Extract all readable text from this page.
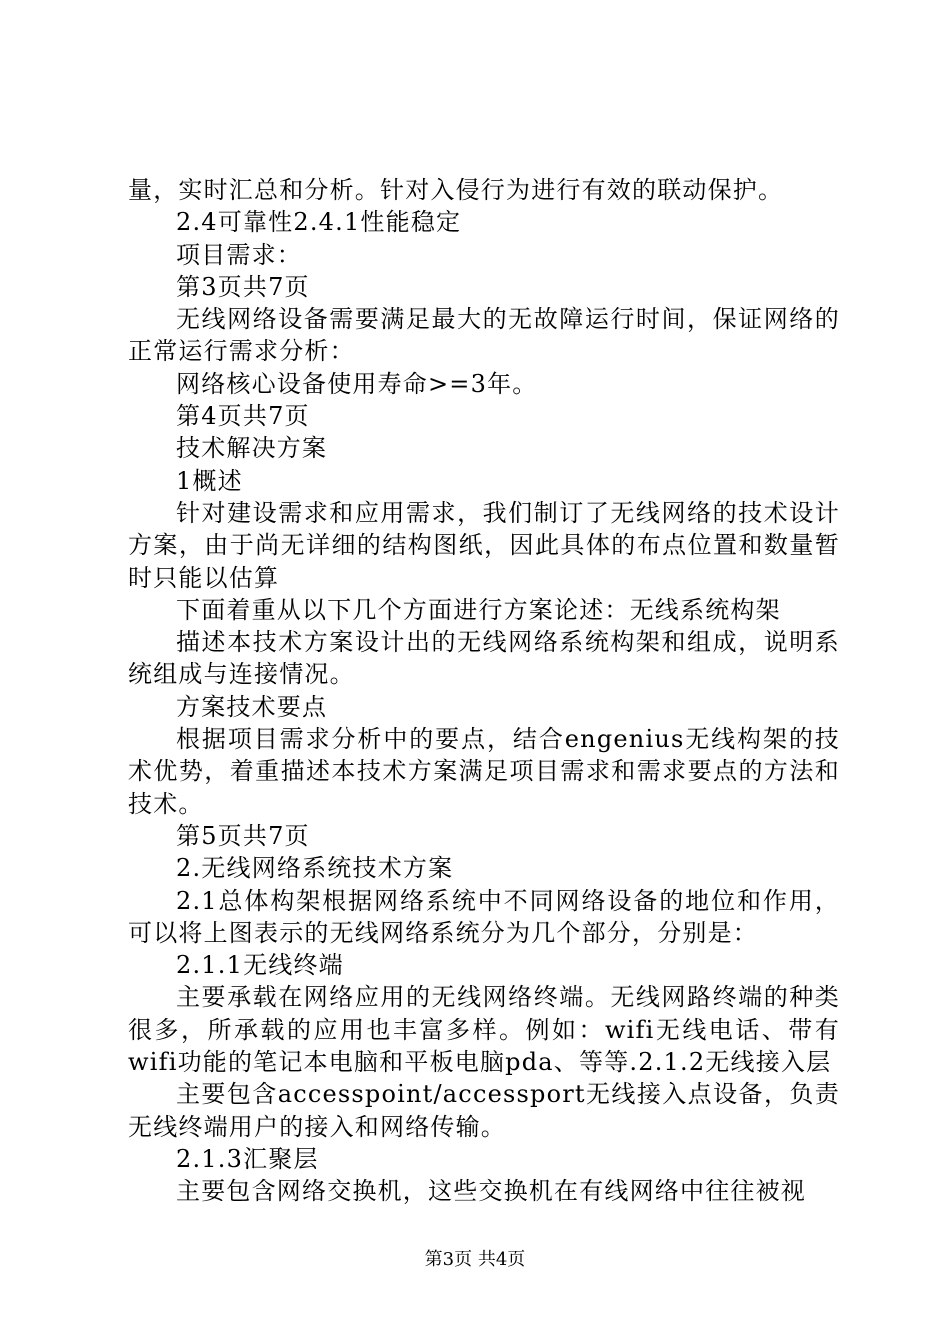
量，实时汇总和分析。针对入侵行为进行有效的联动保护。

2.4可靠性2.4.1性能稳定

项目需求：

第3页共7页

无线网络设备需要满足最大的无故障运行时间，保证网络的正常运行需求分析：

网络核心设备使用寿命>=3年。

第4页共7页

技术解决方案

1概述

针对建设需求和应用需求，我们制订了无线网络的技术设计方案，由于尚无详细的结构图纸，因此具体的布点位置和数量暂时只能以估算

下面着重从以下几个方面进行方案论述：无线系统构架

描述本技术方案设计出的无线网络系统构架和组成，说明系统组成与连接情况。

方案技术要点

根据项目需求分析中的要点，结合engenius无线构架的技术优势，着重描述本技术方案满足项目需求和需求要点的方法和技术。

第5页共7页

2.无线网络系统技术方案

2.1总体构架根据网络系统中不同网络设备的地位和作用，可以将上图表示的无线网络系统分为几个部分，分别是：

2.1.1无线终端

主要承载在网络应用的无线网络终端。无线网路终端的种类很多，所承载的应用也丰富多样。例如：wifi无线电话、带有wifi功能的笔记本电脑和平板电脑pda、等等.2.1.2无线接入层

主要包含accesspoint/accessport无线接入点设备，负责无线终端用户的接入和网络传输。

2.1.3汇聚层

主要包含网络交换机，这些交换机在有线网络中往往被视

第3页 共4页
